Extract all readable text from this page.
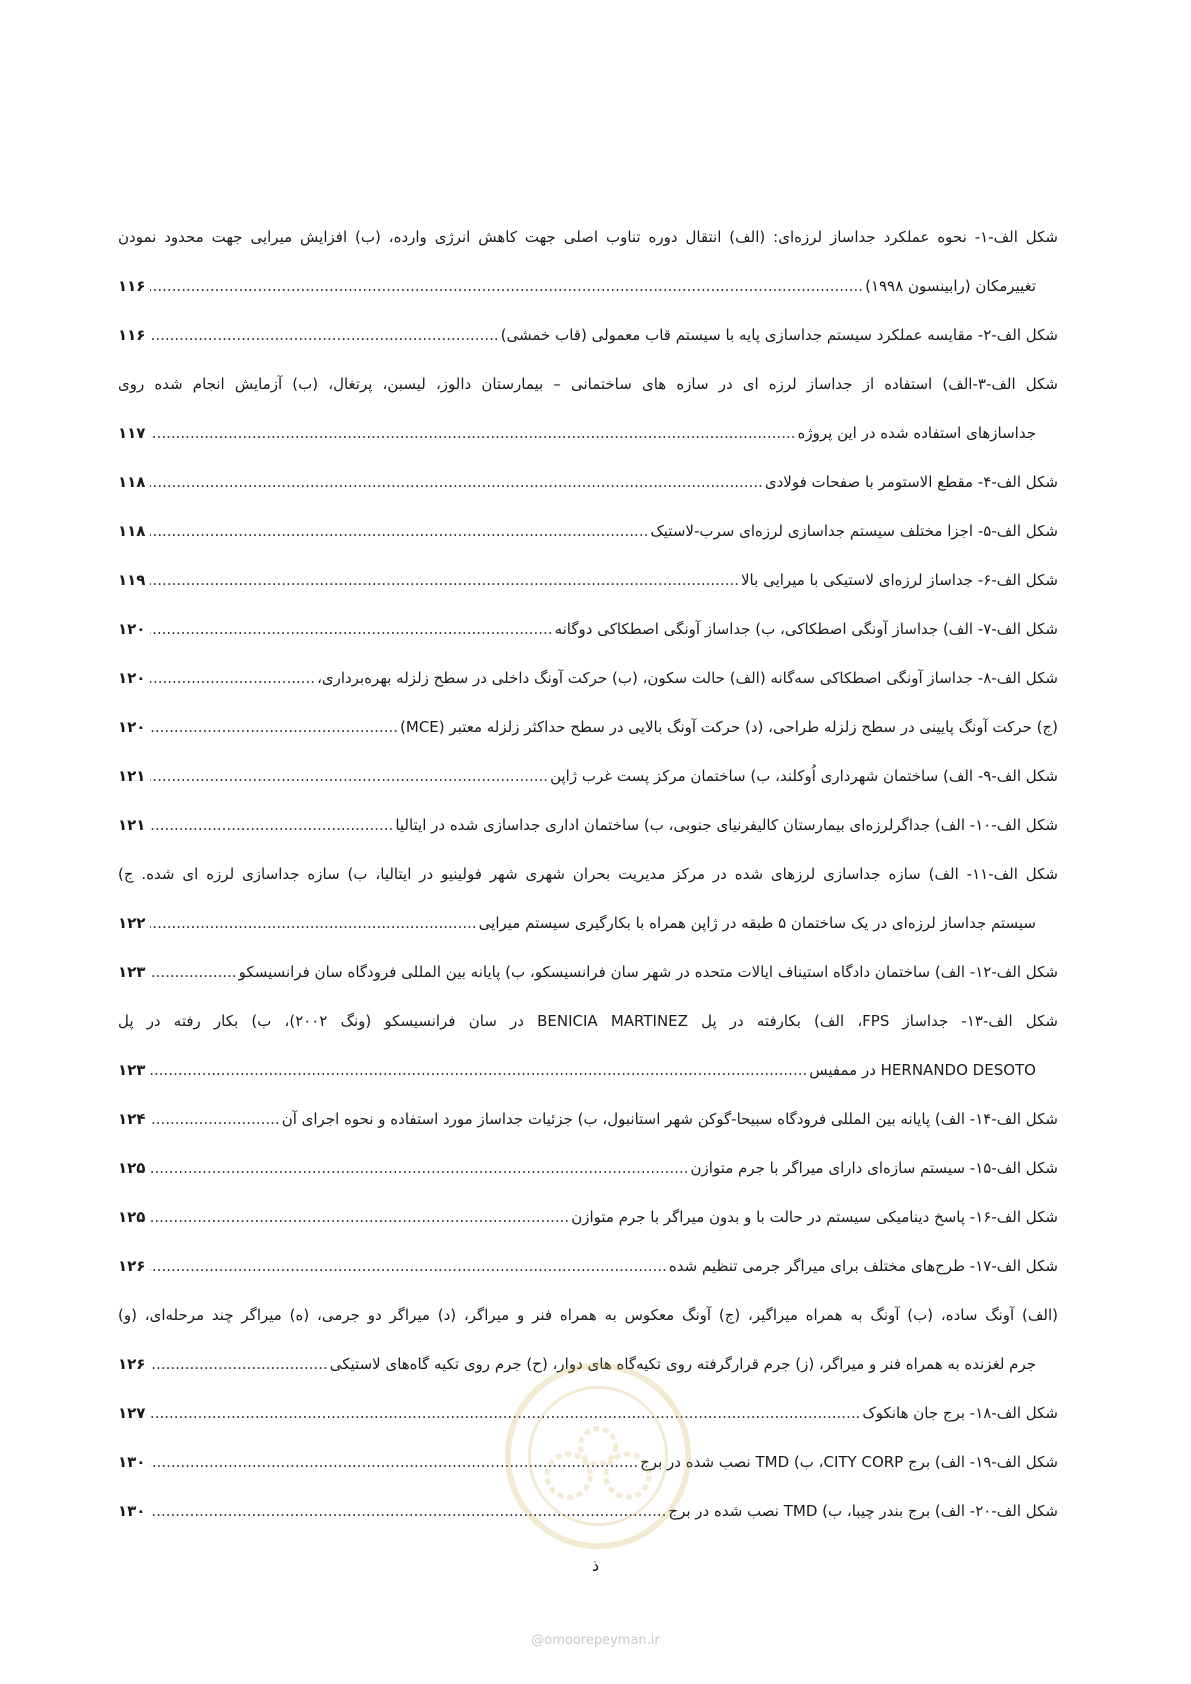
شکل الف-۱- نحوه عملکرد جداساز لرزه‌ای: (الف) انتقال دوره تناوب اصلی جهت کاهش انرژی وارده، (ب) افزایش میرایی جهت محدود نمودن
تغییرمکان (رابینسون ۱۹۹۸)
.....
۱۱۶
شکل الف-۲- مقایسه عملکرد سیستم جداسازی پایه با سیستم قاب معمولی (قاب خمشی)
.....
۱۱۶
شکل الف-۳-الف) استفاده از جداساز لرزه ای در سازه های ساختمانی – بیمارستان دالوز، لیسبن، پرتغال، (ب) آزمایش انجام شده روی
جداسازهای استفاده شده در این پروژه
.....
۱۱۷
شکل الف-۴- مقطع الاستومر با صفحات فولادی
.....
۱۱۸
شکل الف-۵- اجزا مختلف سیستم جداسازی لرزه‌ای سرب-لاستیک
.....
۱۱۸
شکل الف-۶- جداساز لرزه‌ای لاستیکی با میرایی بالا
.....
۱۱۹
شکل الف-۷- الف) جداساز آونگی اصطکاکی، ب) جداساز آونگی اصطکاکی دوگانه
.....
۱۲۰
شکل الف-۸- جداساز آونگی اصطکاکی سه‌گانه (الف) حالت سکون، (ب) حرکت آونگ داخلی در سطح زلزله بهره‌برداری،
.....
۱۲۰
(ج) حرکت آونگ پایینی در سطح زلزله طراحی، (د) حرکت آونگ بالایی در سطح حداکثر زلزله معتبر (MCE)
.....
۱۲۰
شکل الف-۹- الف) ساختمان شهرداری اُوکلند، ب) ساختمان مرکز پست غرب ژاپن
.....
۱۲۱
شکل الف-۱۰- الف) جداگرلرزه‌ای بیمارستان کالیفرنیای جنوبی، ب) ساختمان اداری جداسازی شده در ایتالیا
.....
۱۲۱
شکل الف-۱۱- الف) سازه جداسازی لرزهای شده در مرکز مدیریت بحران شهری شهر فولینیو در ایتالیا، ب) سازه جداسازی لرزه ای شده. ج)
سیستم جداساز لرزه‌ای در یک ساختمان ۵ طبقه در ژاپن همراه با بکارگیری سیستم میرایی
.....
۱۲۲
شکل الف-۱۲- الف) ساختمان دادگاه استیناف ایالات متحده در شهر سان فرانسیسکو، ب) پایانه بین المللی فرودگاه سان فرانسیسکو
.....
۱۲۳
شکل الف-۱۳- جداساز FPS، الف) بکارفته در پل BENICIA MARTINEZ در سان فرانسیسکو (ونگ ۲۰۰۲)، ب) بکار رفته در پل
HERNANDO DESOTO در ممفیس
.....
۱۲۳
شکل الف-۱۴- الف) پایانه بین المللی فرودگاه سبیحا-گوکن شهر استانبول، ب) جزئیات جداساز مورد استفاده و نحوه اجرای آن
.....
۱۲۴
شکل الف-۱۵- سیستم سازه‌ای دارای میراگر با جرم متوازن
.....
۱۲۵
شکل الف-۱۶- پاسخ دینامیکی سیستم در حالت با و بدون میراگر با جرم متوازن
.....
۱۲۵
شکل الف-۱۷- طرح‌های مختلف برای میراگر جرمی تنظیم شده
.....
۱۲۶
(الف) آونگ ساده، (ب) آونگ به همراه میراگیر، (ج) آونگ معکوس به همراه فنر و میراگر، (د) میراگر دو جرمی، (ه) میراگر چند مرحله‌ای، (و)
جرم لغزنده به همراه فنر و میراگر، (ز) جرم قرارگرفته روی تکیه‌گاه های دوار، (ح) جرم روی تکیه گاه‌های لاستیکی
.....
۱۲۶
شکل الف-۱۸- برج جان هانکوک
.....
۱۲۷
شکل الف-۱۹- الف) برج CITY CORP، ب) TMD نصب شده در برج
.....
۱۳۰
شکل الف-۲۰- الف) برج بندر چیبا، ب) TMD نصب شده در برج
.....
۱۳۰
ذ
@omoorepeyman.ir
